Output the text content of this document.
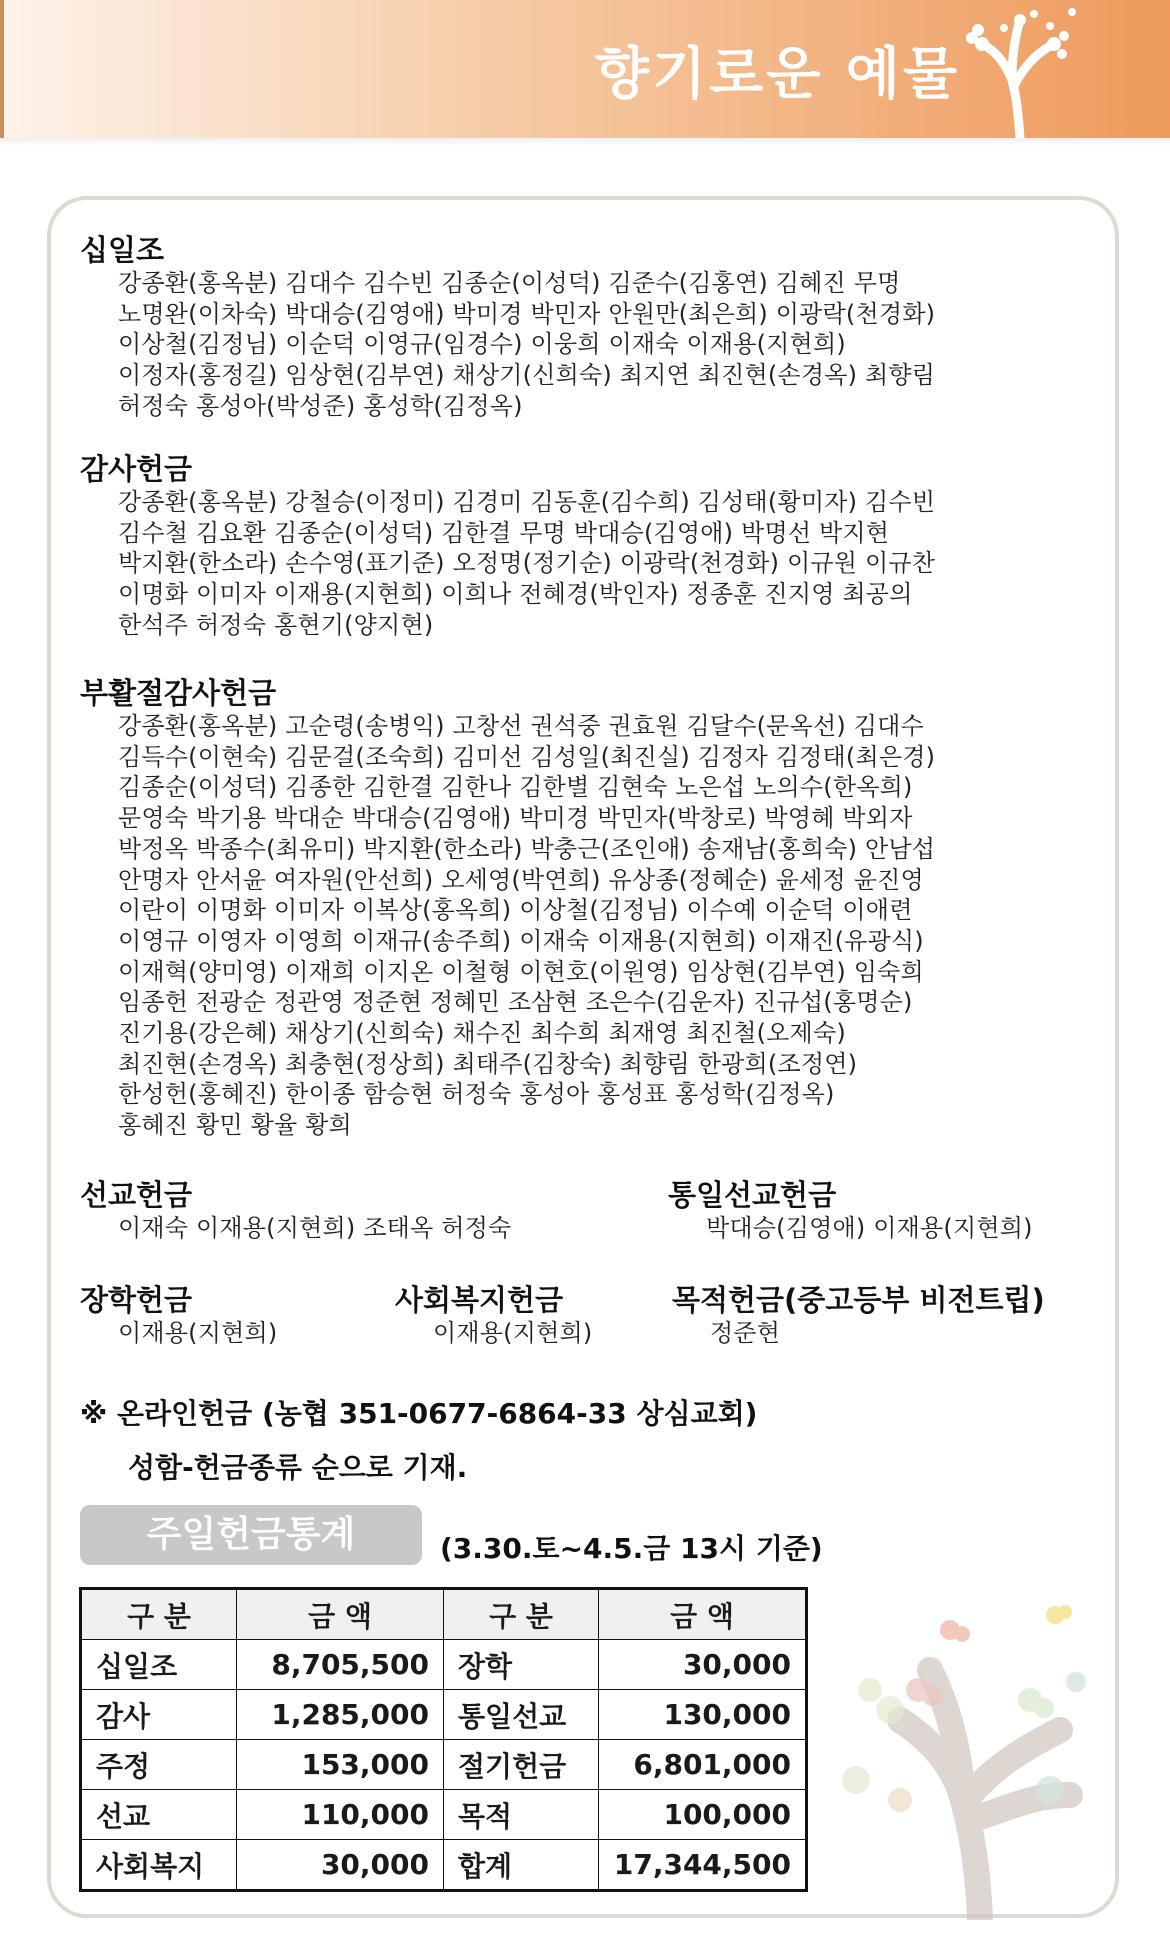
향기로운 예물
십일조

강종환(홍옥분) 김대수 김수빈 김종순(이성덕) 김준수(김홍연) 김혜진 무명
노명완(이차숙) 박대승(김영애) 박미경 박민자 안원만(최은희) 이광락(천경화)
이상철(김정님) 이순덕 이영규(임경수) 이웅희 이재숙 이재용(지현희)
이정자(홍정길) 임상현(김부연) 채상기(신희숙) 최지연 최진현(손경옥) 최향림
허정숙 홍성아(박성준) 홍성학(김정옥)

감사헌금

강종환(홍옥분) 강철승(이정미) 김경미 김동훈(김수희) 김성태(황미자) 김수빈
김수철 김요환 김종순(이성덕) 김한결 무명 박대승(김영애) 박명선 박지현
박지환(한소라) 손수영(표기준) 오정명(정기순) 이광락(천경화) 이규원 이규찬
이명화 이미자 이재용(지현희) 이희나 전혜경(박인자) 정종훈 진지영 최공의
한석주 허정숙 홍현기(양지현)

부활절감사헌금

강종환(홍옥분) 고순령(송병익) 고창선 권석중 권효원 김달수(문옥선) 김대수
김득수(이현숙) 김문걸(조숙희) 김미선 김성일(최진실) 김정자 김정태(최은경)
김종순(이성덕) 김종한 김한결 김한나 김한별 김현숙 노은섭 노의수(한옥희)
문영숙 박기용 박대순 박대승(김영애) 박미경 박민자(박창로) 박영혜 박외자
박정옥 박종수(최유미) 박지환(한소라) 박충근(조인애) 송재남(홍희숙) 안남섭
안명자 안서윤 여자원(안선희) 오세영(박연희) 유상종(정혜순) 윤세정 윤진영
이란이 이명화 이미자 이복상(홍옥희) 이상철(김정님) 이수예 이순덕 이애련
이영규 이영자 이영희 이재규(송주희) 이재숙 이재용(지현희) 이재진(유광식)
이재혁(양미영) 이재희 이지온 이철형 이현호(이원영) 임상현(김부연) 임숙희
임종헌 전광순 정관영 정준현 정혜민 조삼현 조은수(김운자) 진규섭(홍명순)
진기용(강은혜) 채상기(신희숙) 채수진 최수희 최재영 최진철(오제숙)
최진현(손경옥) 최충현(정상희) 최태주(김창숙) 최향림 한광희(조정연)
한성헌(홍혜진) 한이종 함승현 허정숙 홍성아 홍성표 홍성학(김정옥)
홍혜진 황민 황율 황희

선교헌금

이재숙 이재용(지현희) 조태옥 허정숙

통일선교헌금

박대승(김영애) 이재용(지현희)

장학헌금

이재용(지현희)

사회복지헌금

이재용(지현희)

목적헌금(중고등부 비전트립)

정준현

※ 온라인헌금 (농협 351-0677-6864-33 상심교회)

성함-헌금종류 순으로 기재.

주일헌금통계	(3.30.토~4.5.금 13시 기준)

구 분	금 액	구 분	금 액
십일조	8,705,500	장학	30,000
감사	1,285,000	통일선교	130,000
주정	153,000	절기헌금	6,801,000
선교	110,000	목적	100,000
사회복지	30,000	합계	17,344,500
